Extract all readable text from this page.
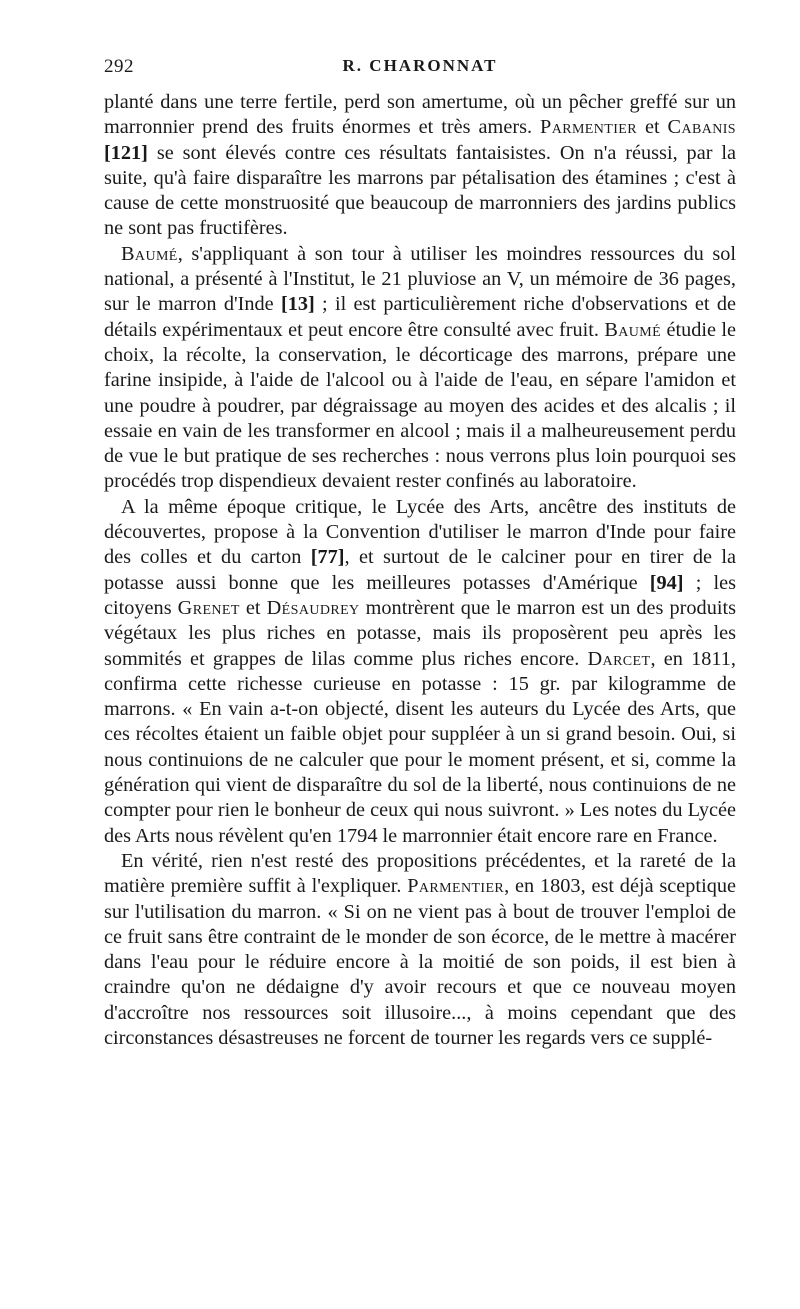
292	R. CHARONNAT

planté dans une terre fertile, perd son amertume, où un pêcher greffé sur un marronnier prend des fruits énormes et très amers. Parmentier et Cabanis [121] se sont élevés contre ces résultats fantaisistes. On n'a réussi, par la suite, qu'à faire disparaître les marrons par pétalisation des étamines ; c'est à cause de cette monstruosité que beaucoup de marronniers des jardins publics ne sont pas fructifères.

Baumé, s'appliquant à son tour à utiliser les moindres ressources du sol national, a présenté à l'Institut, le 21 pluviose an V, un mémoire de 36 pages, sur le marron d'Inde [13] ; il est particulièrement riche d'observations et de détails expérimentaux et peut encore être consulté avec fruit. Baumé étudie le choix, la récolte, la conservation, le décorticage des marrons, prépare une farine insipide, à l'aide de l'alcool ou à l'aide de l'eau, en sépare l'amidon et une poudre à poudrer, par dégraissage au moyen des acides et des alcalis ; il essaie en vain de les transformer en alcool ; mais il a malheureusement perdu de vue le but pratique de ses recherches : nous verrons plus loin pourquoi ses procédés trop dispendieux devaient rester confinés au laboratoire.

A la même époque critique, le Lycée des Arts, ancêtre des instituts de découvertes, propose à la Convention d'utiliser le marron d'Inde pour faire des colles et du carton [77], et surtout de le calciner pour en tirer de la potasse aussi bonne que les meilleures potasses d'Amérique [94] ; les citoyens Grenet et Désaudrey montrèrent que le marron est un des produits végétaux les plus riches en potasse, mais ils proposèrent peu après les sommités et grappes de lilas comme plus riches encore. Darcet, en 1811, confirma cette richesse curieuse en potasse : 15 gr. par kilogramme de marrons. « En vain a-t-on objecté, disent les auteurs du Lycée des Arts, que ces récoltes étaient un faible objet pour suppléer à un si grand besoin. Oui, si nous continuions de ne calculer que pour le moment présent, et si, comme la génération qui vient de disparaître du sol de la liberté, nous continuions de ne compter pour rien le bonheur de ceux qui nous suivront. » Les notes du Lycée des Arts nous révèlent qu'en 1794 le marronnier était encore rare en France.

En vérité, rien n'est resté des propositions précédentes, et la rareté de la matière première suffit à l'expliquer. Parmentier, en 1803, est déjà sceptique sur l'utilisation du marron. « Si on ne vient pas à bout de trouver l'emploi de ce fruit sans être contraint de le monder de son écorce, de le mettre à macérer dans l'eau pour le réduire encore à la moitié de son poids, il est bien à craindre qu'on ne dédaigne d'y avoir recours et que ce nouveau moyen d'accroître nos ressources soit illusoire..., à moins cependant que des circonstances désastreuses ne forcent de tourner les regards vers ce supplé-
